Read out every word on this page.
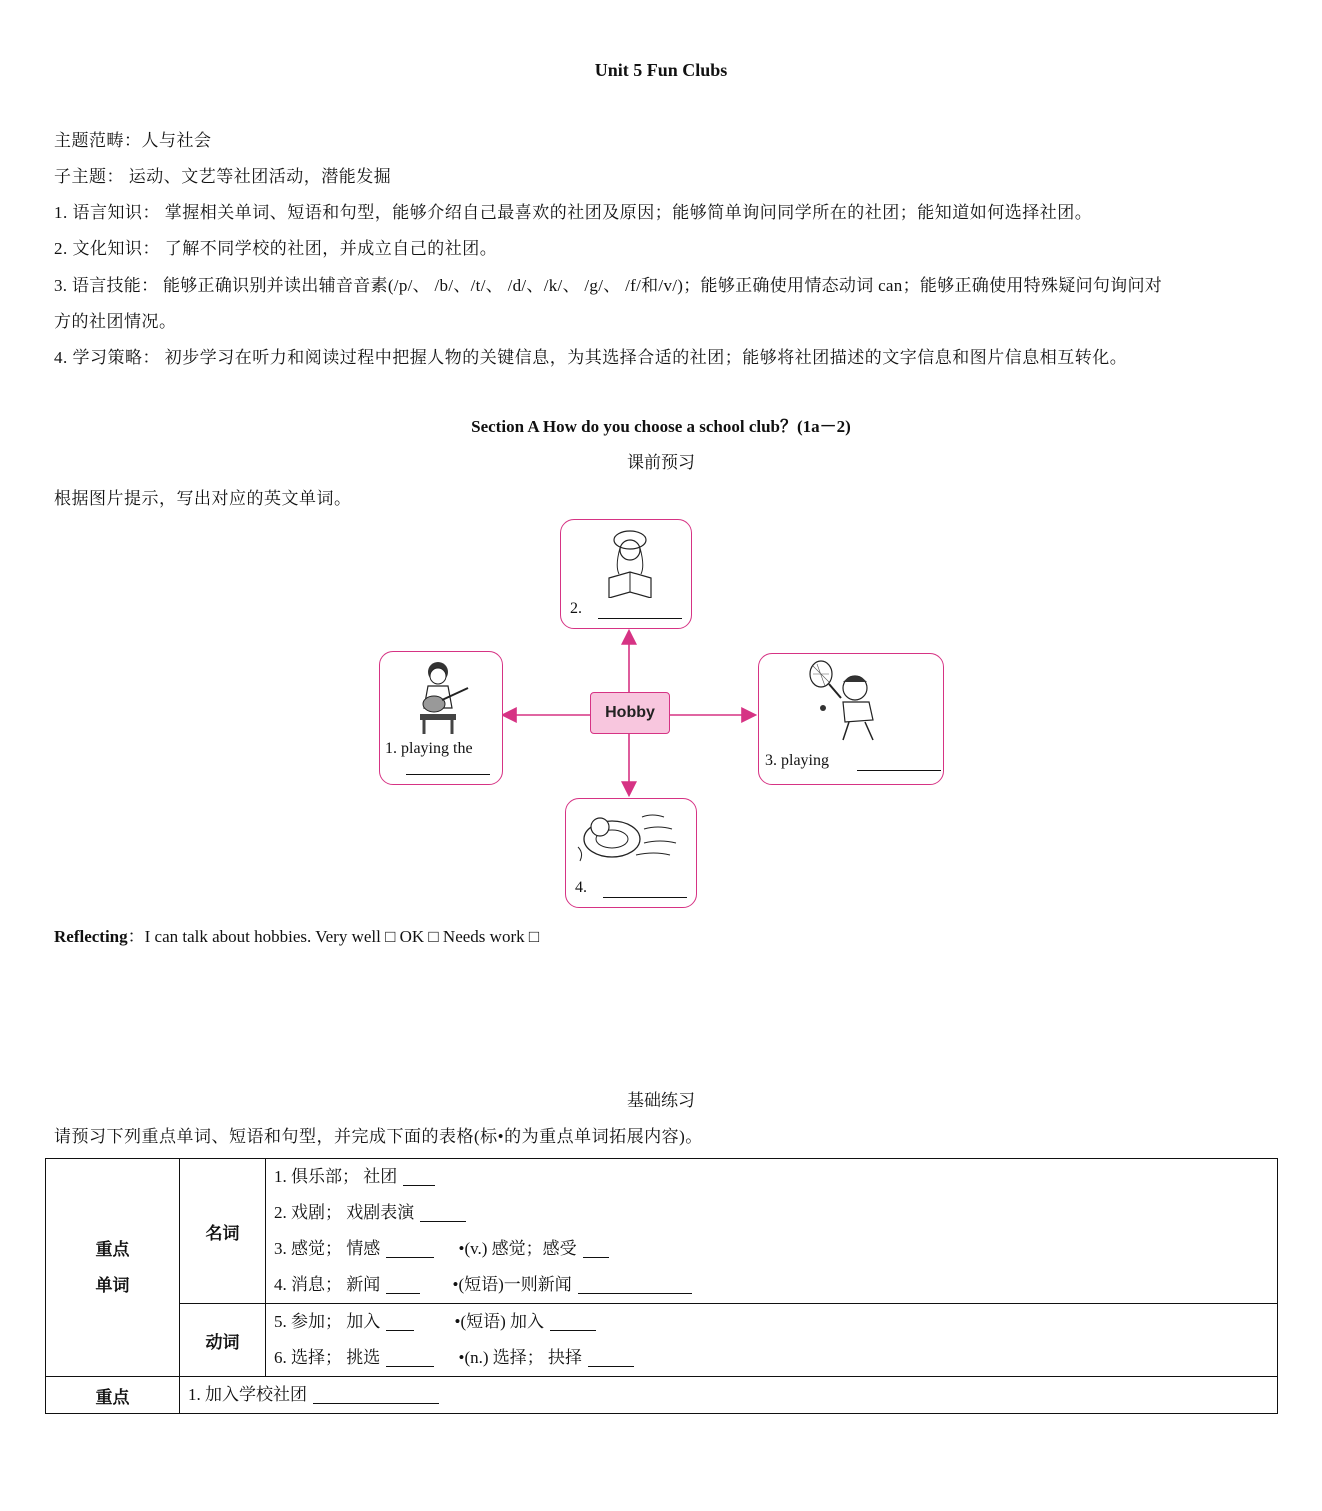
Unit 5 Fun Clubs
主题范畴：人与社会
子主题： 运动、文艺等社团活动，潜能发掘
1. 语言知识： 掌握相关单词、短语和句型，能够介绍自己最喜欢的社团及原因；能够简单询问同学所在的社团；能知道如何选择社团。
2. 文化知识： 了解不同学校的社团，并成立自己的社团。
3. 语言技能： 能够正确识别并读出辅音音素(/p/、 /b/、/t/、 /d/、/k/、 /g/、 /f/和/v/)；能够正确使用情态动词 can；能够正确使用特殊疑问句询问对
方的社团情况。
4. 学习策略： 初步学习在听力和阅读过程中把握人物的关键信息，为其选择合适的社团；能够将社团描述的文字信息和图片信息相互转化。
Section A How do you choose a school club？(1a－2)
课前预习
根据图片提示，写出对应的英文单词。
2.
1. playing the
Hobby
3. playing
4.
Reflecting：I can talk about hobbies. Very well □ OK □ Needs work □
基础练习
请预习下列重点单词、短语和句型，并完成下面的表格(标•的为重点单词拓展内容)。
重点
单词	名词	1. 俱乐部； 社团
		2. 戏剧； 戏剧表演
		3. 感觉； 情感 •(v.) 感觉；感受
		4. 消息； 新闻 •(短语)一则新闻
	动词	5. 参加； 加入 •(短语) 加入
		6. 选择； 挑选 •(n.) 选择； 抉择
重点	1. 加入学校社团	
